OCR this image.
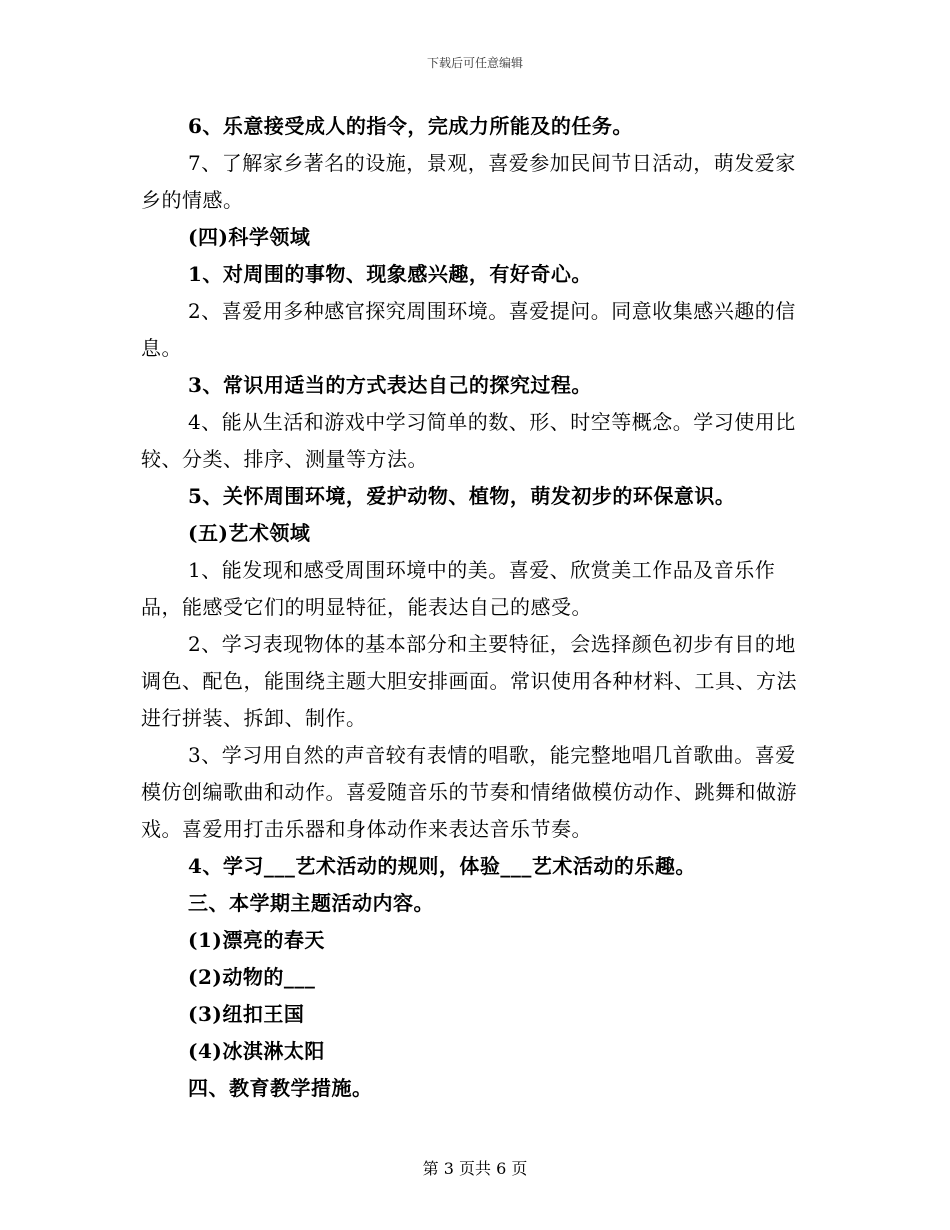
下载后可任意编辑

6、乐意接受成人的指令，完成力所能及的任务。

7、了解家乡著名的设施，景观，喜爱参加民间节日活动，萌发爱家乡的情感。

(四)科学领域

1、对周围的事物、现象感兴趣，有好奇心。

2、喜爱用多种感官探究周围环境。喜爱提问。同意收集感兴趣的信息。

3、常识用适当的方式表达自己的探究过程。

4、能从生活和游戏中学习简单的数、形、时空等概念。学习使用比较、分类、排序、测量等方法。

5、关怀周围环境，爱护动物、植物，萌发初步的环保意识。

(五)艺术领域

1、能发现和感受周围环境中的美。喜爱、欣赏美工作品及音乐作品，能感受它们的明显特征，能表达自己的感受。

2、学习表现物体的基本部分和主要特征，会选择颜色初步有目的地调色、配色，能围绕主题大胆安排画面。常识使用各种材料、工具、方法进行拼装、拆卸、制作。

3、学习用自然的声音较有表情的唱歌，能完整地唱几首歌曲。喜爱模仿创编歌曲和动作。喜爱随音乐的节奏和情绪做模仿动作、跳舞和做游戏。喜爱用打击乐器和身体动作来表达音乐节奏。

4、学习___艺术活动的规则，体验___艺术活动的乐趣。

三、本学期主题活动内容。

(1)漂亮的春天

(2)动物的___

(3)纽扣王国

(4)冰淇淋太阳

四、教育教学措施。

第 3 页共 6 页
